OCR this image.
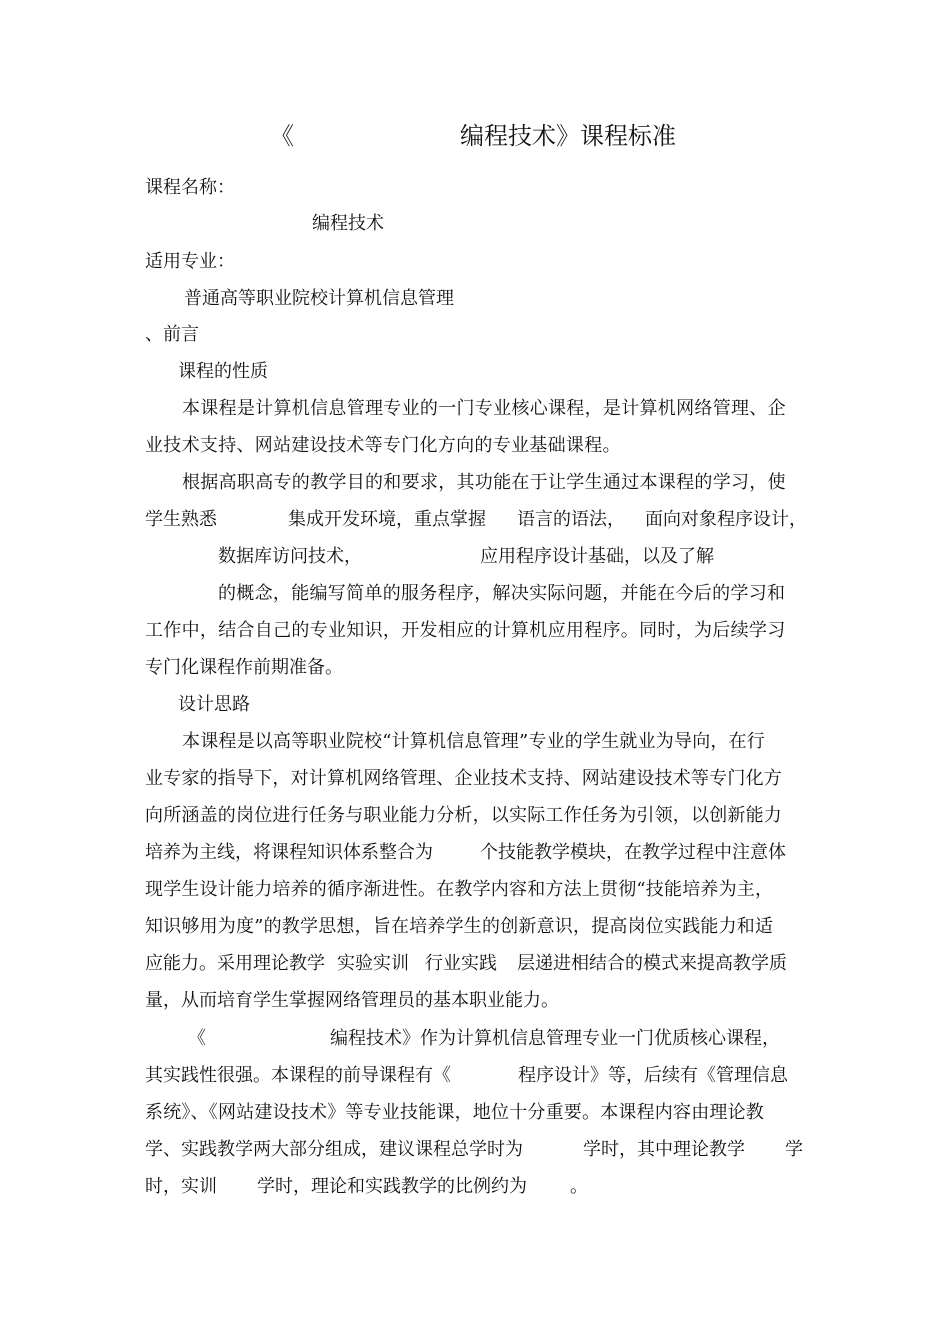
《	编程技术》课程标准
课程名称：
编程技术
适用专业：
普通高等职业院校计算机信息管理
、前言
课程的性质
本课程是计算机信息管理专业的一门专业核心课程，是计算机网络管理、企
业技术支持、网站建设技术等专门化方向的专业基础课程。
根据高职高专的教学目的和要求，其功能在于让学生通过本课程的学习，使
学生熟悉	集成开发环境，重点掌握 语言的语法， 面向对象程序设计，
数据库访问技术，	应用程序设计基础，以及了解
的概念，能编写简单的服务程序，解决实际问题，并能在今后的学习和
工作中，结合自己的专业知识，开发相应的计算机应用程序。同时，为后续学习
专门化课程作前期准备。
设计思路
本课程是以高等职业院校“计算机信息管理”专业的学生就业为导向，在行
业专家的指导下，对计算机网络管理、企业技术支持、网站建设技术等专门化方
向所涵盖的岗位进行任务与职业能力分析，以实际工作任务为引领，以创新能力
培养为主线，将课程知识体系整合为	个技能教学模块，在教学过程中注意体
现学生设计能力培养的循序渐进性。在教学内容和方法上贯彻“技能培养为主，
知识够用为度”的教学思想，旨在培养学生的创新意识，提高岗位实践能力和适
应能力。采用理论教学 实验实训 行业实践 层递进相结合的模式来提高教学质
量，从而培育学生掌握网络管理员的基本职业能力。
《	编程技术》作为计算机信息管理专业一门优质核心课程，
其实践性很强。本课程的前导课程有《	程序设计》等，后续有《管理信息
系统》、《网站建设技术》等专业技能课，地位十分重要。本课程内容由理论教
学、实践教学两大部分组成，建议课程总学时为	学时，其中理论教学 学
时，实训 学时，理论和实践教学的比例约为 。
